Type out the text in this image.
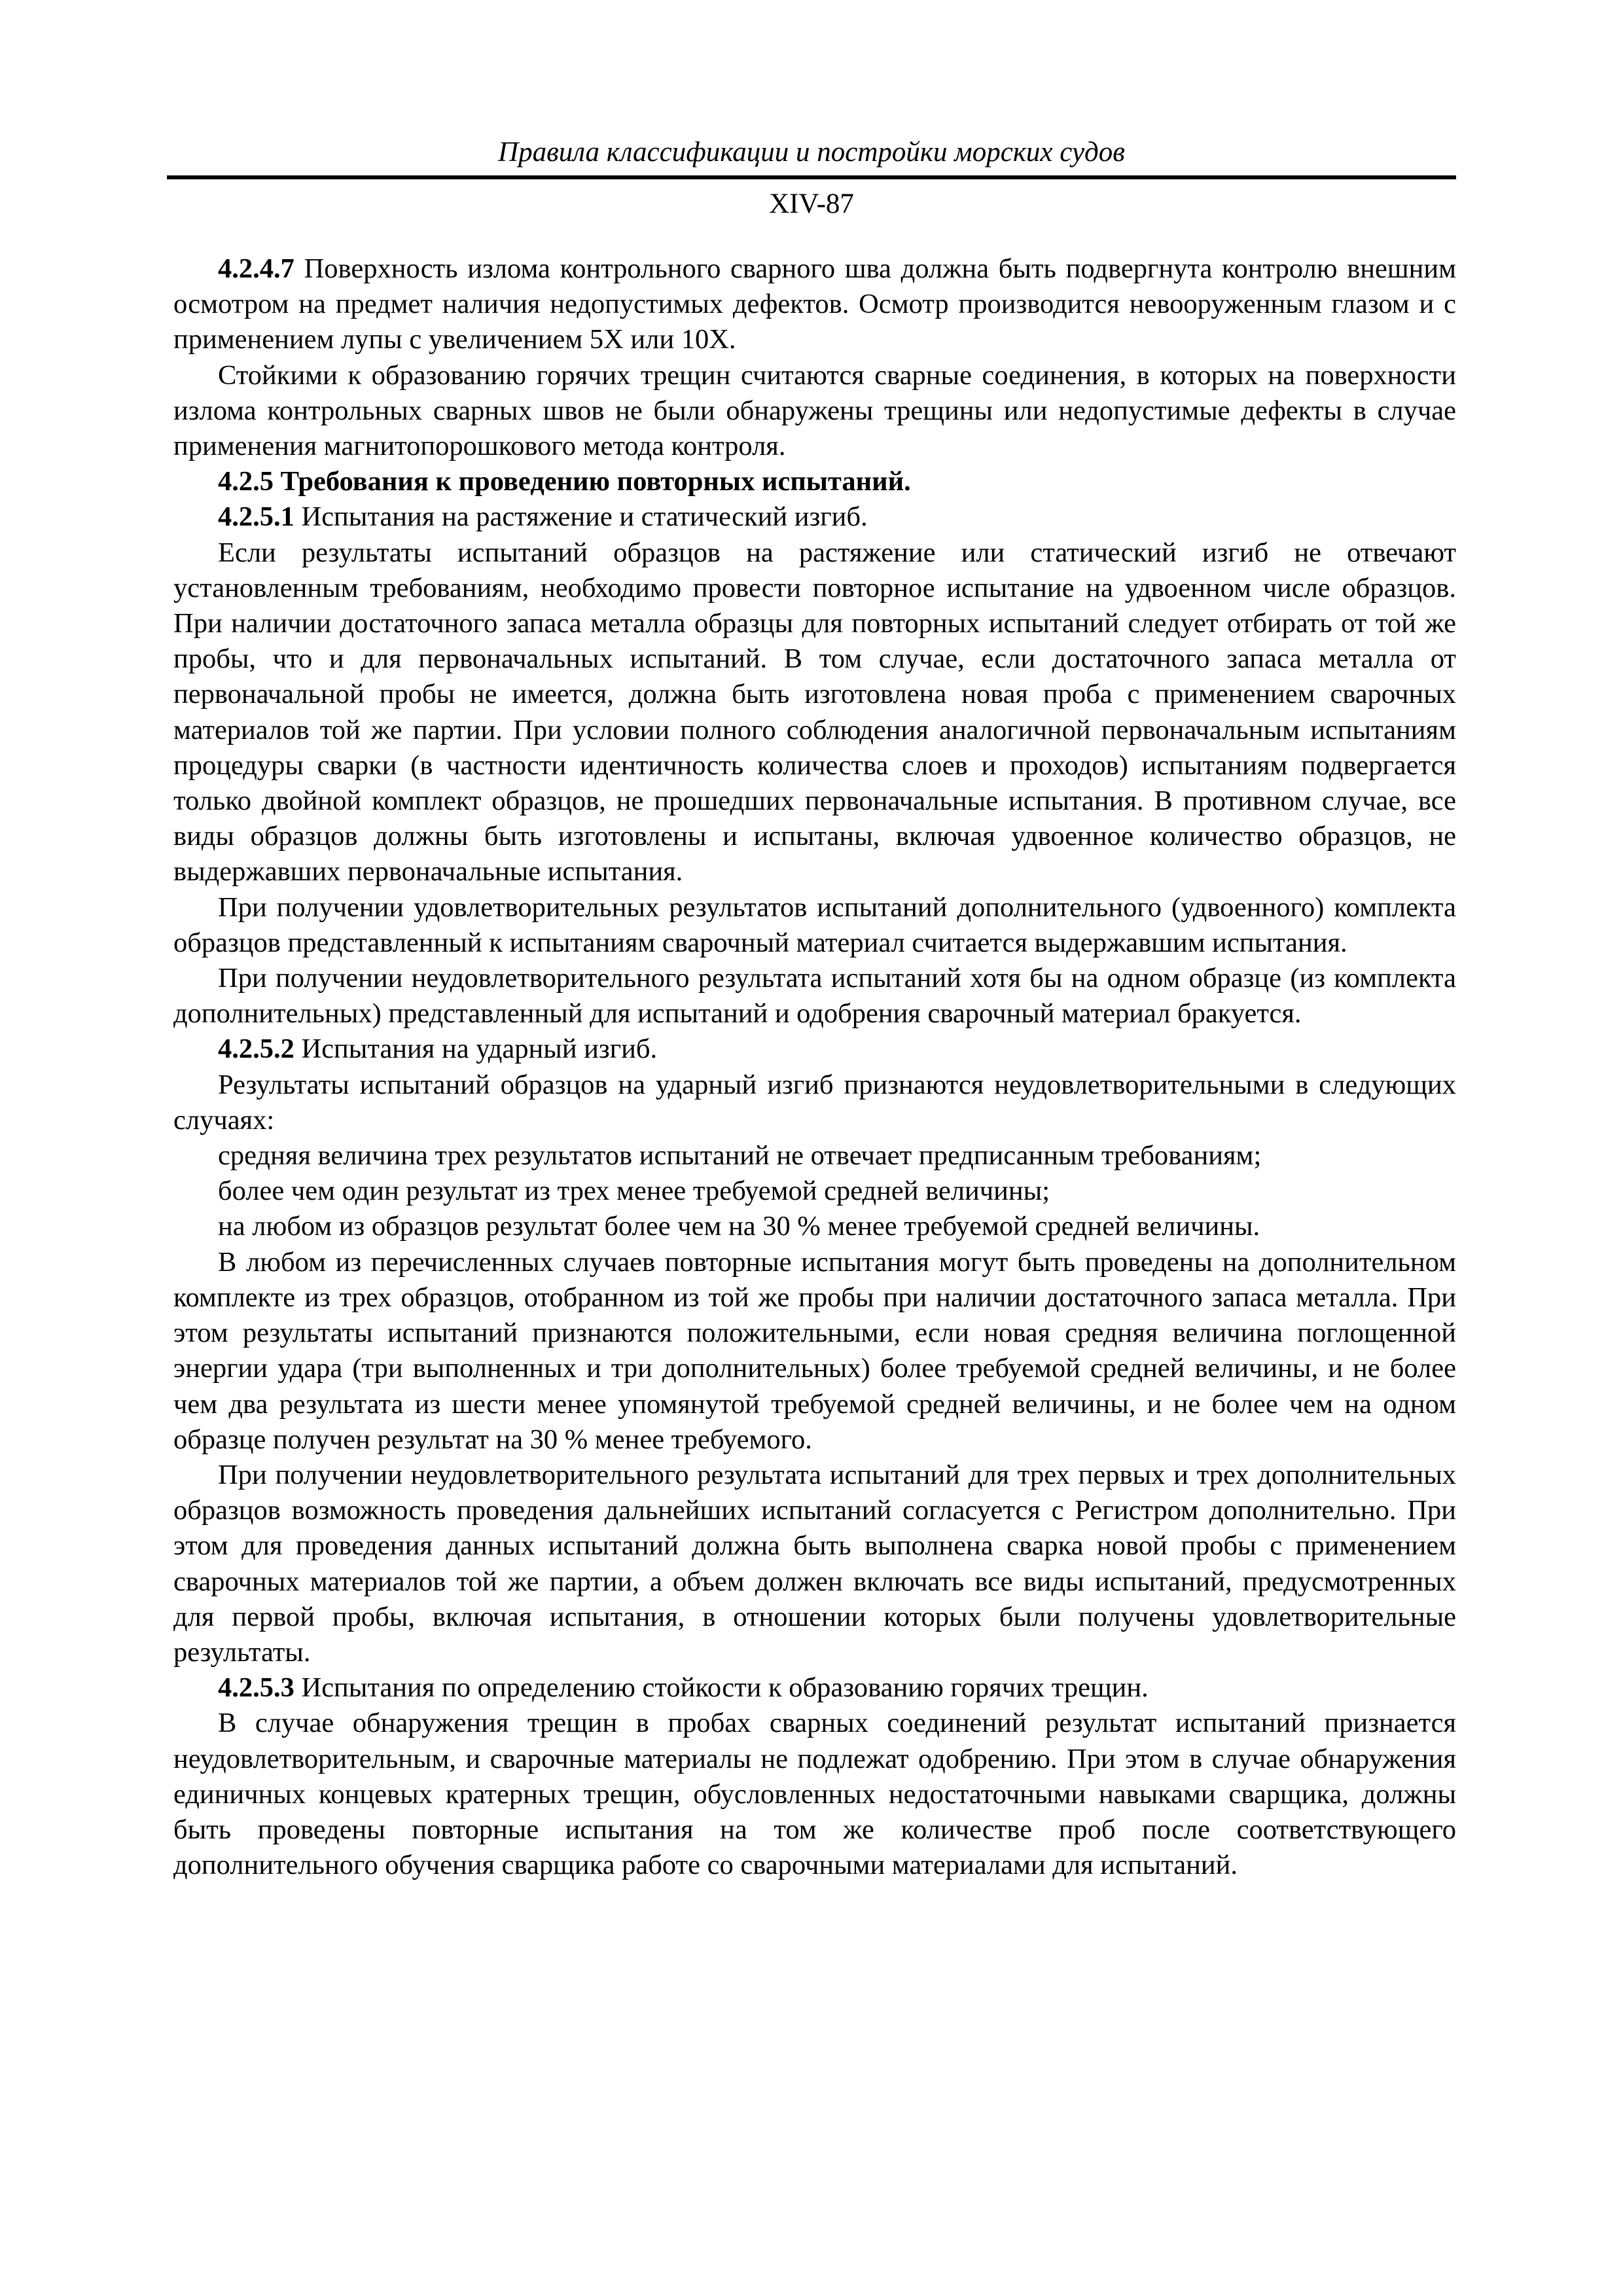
Правила классификации и постройки морских судов
XIV-87

4.2.4.7 Поверхность излома контрольного сварного шва должна быть подвергнута контролю внешним осмотром на предмет наличия недопустимых дефектов. Осмотр производится невооруженным глазом и с применением лупы с увеличением 5X или 10X.

Стойкими к образованию горячих трещин считаются сварные соединения, в которых на поверхности излома контрольных сварных швов не были обнаружены трещины или недопустимые дефекты в случае применения магнитопорошкового метода контроля.

4.2.5 Требования к проведению повторных испытаний.

4.2.5.1 Испытания на растяжение и статический изгиб.

Если результаты испытаний образцов на растяжение или статический изгиб не отвечают установленным требованиям, необходимо провести повторное испытание на удвоенном числе образцов. При наличии достаточного запаса металла образцы для повторных испытаний следует отбирать от той же пробы, что и для первоначальных испытаний. В том случае, если достаточного запаса металла от первоначальной пробы не имеется, должна быть изготовлена новая проба с применением сварочных материалов той же партии. При условии полного соблюдения аналогичной первоначальным испытаниям процедуры сварки (в частности идентичность количества слоев и проходов) испытаниям подвергается только двойной комплект образцов, не прошедших первоначальные испытания. В противном случае, все виды образцов должны быть изготовлены и испытаны, включая удвоенное количество образцов, не выдержавших первоначальные испытания.

При получении удовлетворительных результатов испытаний дополнительного (удвоенного) комплекта образцов представленный к испытаниям сварочный материал считается выдержавшим испытания.

При получении неудовлетворительного результата испытаний хотя бы на одном образце (из комплекта дополнительных) представленный для испытаний и одобрения сварочный материал бракуется.

4.2.5.2 Испытания на ударный изгиб.

Результаты испытаний образцов на ударный изгиб признаются неудовлетворительными в следующих случаях:

средняя величина трех результатов испытаний не отвечает предписанным требованиям;

более чем один результат из трех менее требуемой средней величины;

на любом из образцов результат более чем на 30 % менее требуемой средней величины.

В любом из перечисленных случаев повторные испытания могут быть проведены на дополнительном комплекте из трех образцов, отобранном из той же пробы при наличии достаточного запаса металла. При этом результаты испытаний признаются положительными, если новая средняя величина поглощенной энергии удара (три выполненных и три дополнительных) более требуемой средней величины, и не более чем два результата из шести менее упомянутой требуемой средней величины, и не более чем на одном образце получен результат на 30 % менее требуемого.

При получении неудовлетворительного результата испытаний для трех первых и трех дополнительных образцов возможность проведения дальнейших испытаний согласуется с Регистром дополнительно. При этом для проведения данных испытаний должна быть выполнена сварка новой пробы с применением сварочных материалов той же партии, а объем должен включать все виды испытаний, предусмотренных для первой пробы, включая испытания, в отношении которых были получены удовлетворительные результаты.

4.2.5.3 Испытания по определению стойкости к образованию горячих трещин.

В случае обнаружения трещин в пробах сварных соединений результат испытаний признается неудовлетворительным, и сварочные материалы не подлежат одобрению. При этом в случае обнаружения единичных концевых кратерных трещин, обусловленных недостаточными навыками сварщика, должны быть проведены повторные испытания на том же количестве проб после соответствующего дополнительного обучения сварщика работе со сварочными материалами для испытаний.
